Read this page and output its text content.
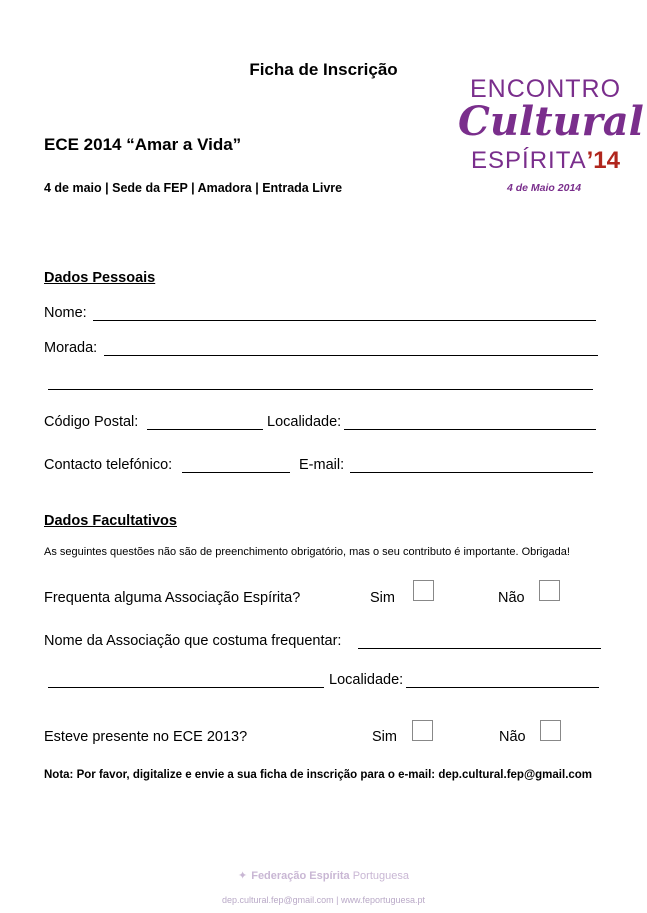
Ficha de Inscrição
ECE 2014 “Amar a Vida”
4 de maio | Sede da FEP | Amadora | Entrada Livre
ENCONTRO
Cultural
ESPÍRITA’14
4 de Maio 2014
Dados Pessoais
Nome:
Morada:
Código Postal:	Localidade:
Contacto telefónico:	E-mail:
Dados Facultativos
As seguintes questões não são de preenchimento obrigatório, mas o seu contributo é importante. Obrigada!
Frequenta alguma Associação Espírita?	Sim	Não
Nome da Associação que costuma frequentar:
Localidade:
Esteve presente no ECE 2013?	Sim	Não
Nota: Por favor, digitalize e envie a sua ficha de inscrição para o e-mail: dep.cultural.fep@gmail.com
✦ Federação Espírita Portuguesa
dep.cultural.fep@gmail.com | www.feportuguesa.pt
